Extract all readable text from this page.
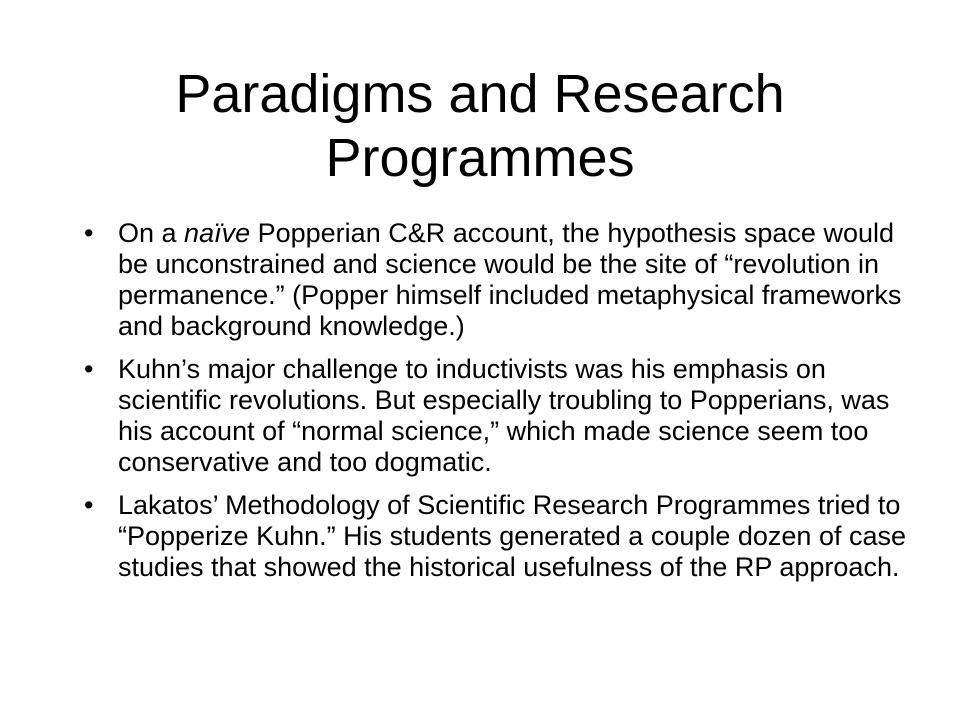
Paradigms and Research Programmes
• On a naïve Popperian C&R account, the hypothesis space would be unconstrained and science would be the site of “revolution in permanence.” (Popper himself included metaphysical frameworks and background knowledge.)
• Kuhn’s major challenge to inductivists was his emphasis on scientific revolutions. But especially troubling to Popperians, was his account of “normal science,” which made science seem too conservative and too dogmatic.
• Lakatos’ Methodology of Scientific Research Programmes tried to “Popperize Kuhn.” His students generated a couple dozen of case studies that showed the historical usefulness of the RP approach.
